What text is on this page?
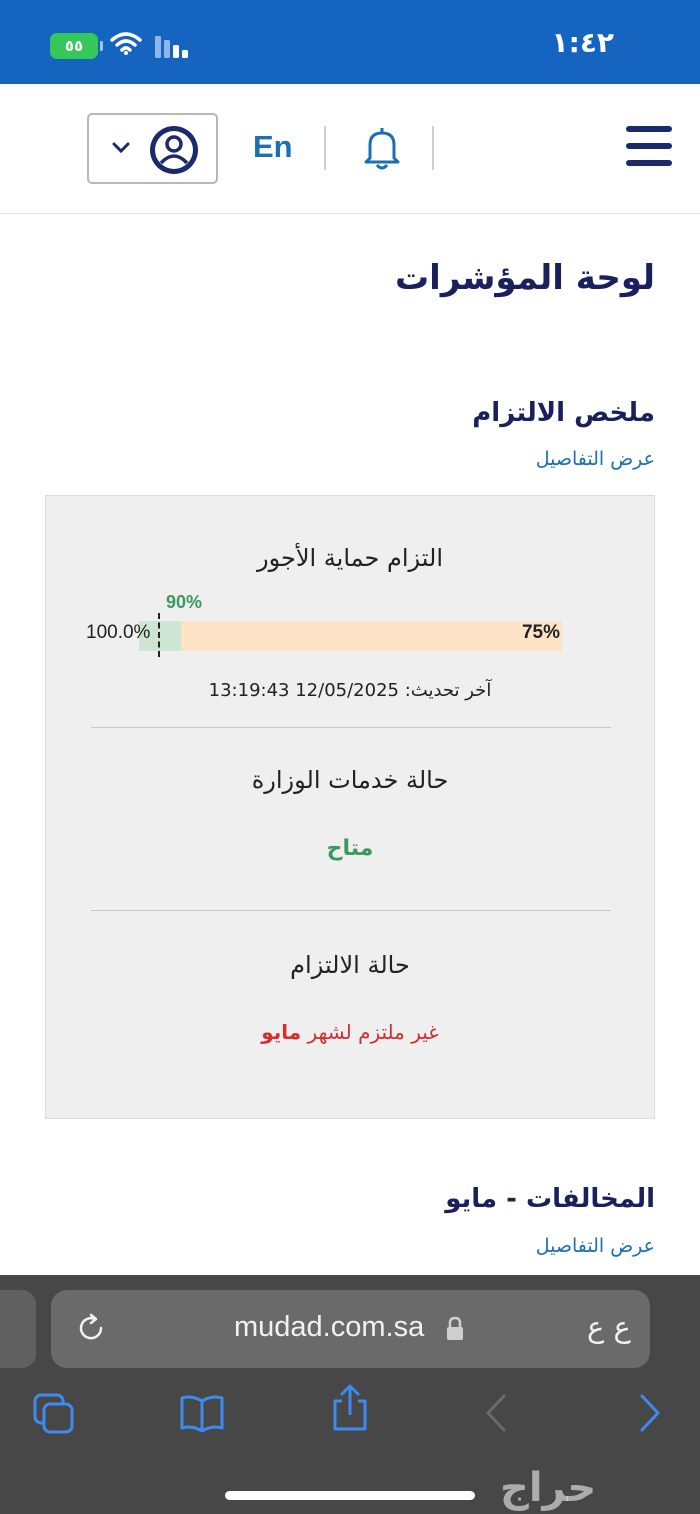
٥٥	١:٤٢
En
لوحة المؤشرات
ملخص الالتزام
عرض التفاصيل
التزام حماية الأجور
90%
100.0%	75%
آخر تحديث: 12/05/2025 13:19:43
حالة خدمات الوزارة
متاح
حالة الالتزام
غير ملتزم لشهر مايو
المخالفات - مايو
عرض التفاصيل
mudad.com.sa	ع ع
حراج
